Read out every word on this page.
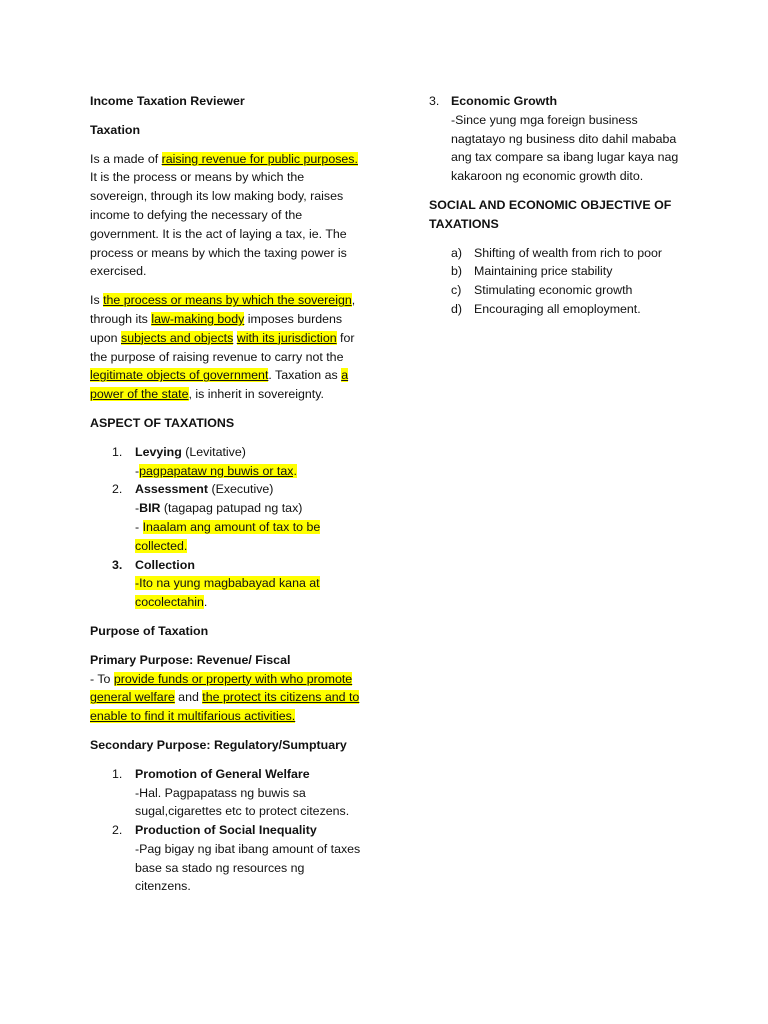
Income Taxation Reviewer

Taxation

Is a made of raising revenue for public purposes. It is the process or means by which the sovereign, through its low making body, raises income to defying the necessary of the government. It is the act of laying a tax, ie. The process or means by which the taxing power is exercised.

Is the process or means by which the sovereign, through its law-making body imposes burdens upon subjects and objects with its jurisdiction for the purpose of raising revenue to carry not the legitimate objects of government. Taxation as a power of the state, is inherit in sovereignty.

ASPECT OF TAXATIONS

1. Levying (Levitative)
-pagpapataw ng buwis or tax.
2. Assessment (Executive)
-BIR (tagapag patupad ng tax)
- Inaalam ang amount of tax to be collected.
3. Collection
-Ito na yung magbabayad kana at cocolectahin.

Purpose of Taxation

Primary Purpose: Revenue/ Fiscal
- To provide funds or property with who promote general welfare and the protect its citizens and to enable to find it multifarious activities.

Secondary Purpose: Regulatory/Sumptuary

1. Promotion of General Welfare
-Hal. Pagpapatass ng buwis sa sugal,cigarettes etc to protect citezens.
2. Production of Social Inequality
-Pag bigay ng ibat ibang amount of taxes base sa stado ng resources ng citenzens.
3. Economic Growth
-Since yung mga foreign business nagtatayo ng business dito dahil mababa ang tax compare sa ibang lugar kaya nag kakaroon ng economic growth dito.

SOCIAL AND ECONOMIC OBJECTIVE OF TAXATIONS

a) Shifting of wealth from rich to poor
b) Maintaining price stability
c) Stimulating economic growth
d) Encouraging all emoployment.
